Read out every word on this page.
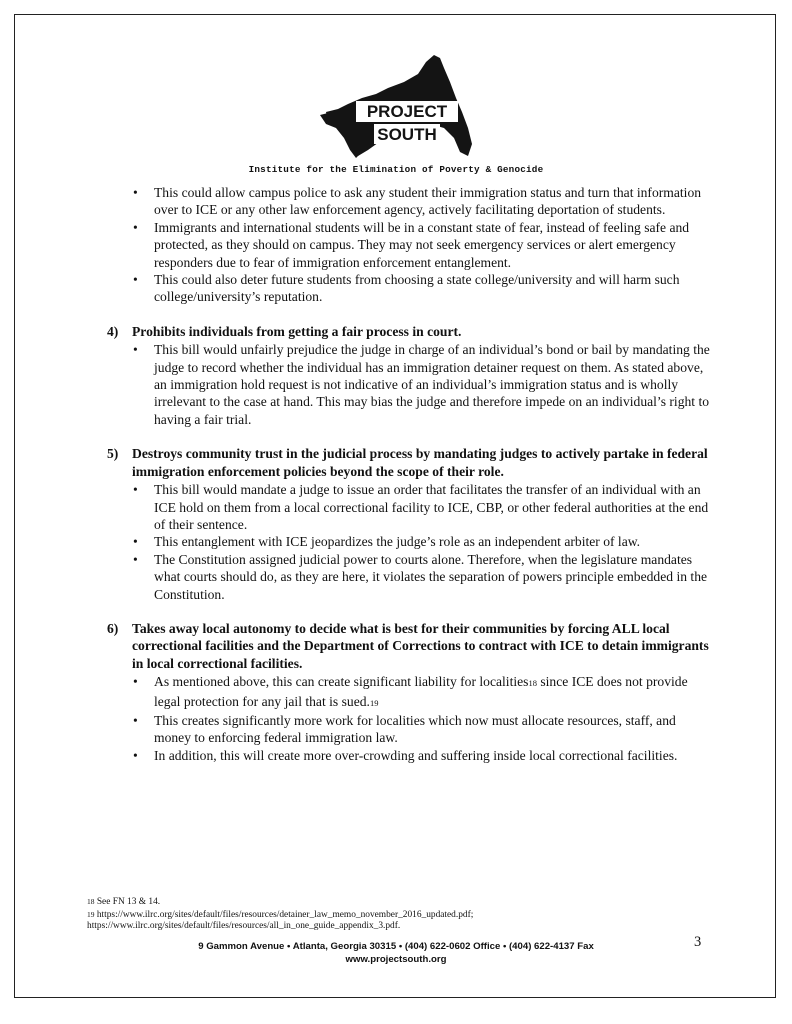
PROJECT
SOUTH
Institute for the Elimination of Poverty & Genocide
• This could allow campus police to ask any student their immigration status and turn that information over to ICE or any other law enforcement agency, actively facilitating deportation of students.
• Immigrants and international students will be in a constant state of fear, instead of feeling safe and protected, as they should on campus. They may not seek emergency services or alert emergency responders due to fear of immigration enforcement entanglement.
• This could also deter future students from choosing a state college/university and will harm such college/university’s reputation.
4)	Prohibits individuals from getting a fair process in court.
• This bill would unfairly prejudice the judge in charge of an individual’s bond or bail by mandating the judge to record whether the individual has an immigration detainer request on them. As stated above, an immigration hold request is not indicative of an individual’s immigration status and is wholly irrelevant to the case at hand. This may bias the judge and therefore impede on an individual’s right to having a fair trial.
5)	Destroys community trust in the judicial process by mandating judges to actively partake in federal immigration enforcement policies beyond the scope of their role.
• This bill would mandate a judge to issue an order that facilitates the transfer of an individual with an ICE hold on them from a local correctional facility to ICE, CBP, or other federal authorities at the end of their sentence.
• This entanglement with ICE jeopardizes the judge’s role as an independent arbiter of law.
• The Constitution assigned judicial power to courts alone. Therefore, when the legislature mandates what courts should do, as they are here, it violates the separation of powers principle embedded in the Constitution.
6)	Takes away local autonomy to decide what is best for their communities by forcing ALL local correctional facilities and the Department of Corrections to contract with ICE to detain immigrants in local correctional facilities.
• As mentioned above, this can create significant liability for localities18 since ICE does not provide legal protection for any jail that is sued.19
• This creates significantly more work for localities which now must allocate resources, staff, and money to enforcing federal immigration law.
• In addition, this will create more over-crowding and suffering inside local correctional facilities.
18 See FN 13 & 14.
19 https://www.ilrc.org/sites/default/files/resources/detainer_law_memo_november_2016_updated.pdf;
https://www.ilrc.org/sites/default/files/resources/all_in_one_guide_appendix_3.pdf.
9 Gammon Avenue • Atlanta, Georgia 30315 • (404) 622-0602 Office • (404) 622-4137 Fax
www.projectsouth.org
3
